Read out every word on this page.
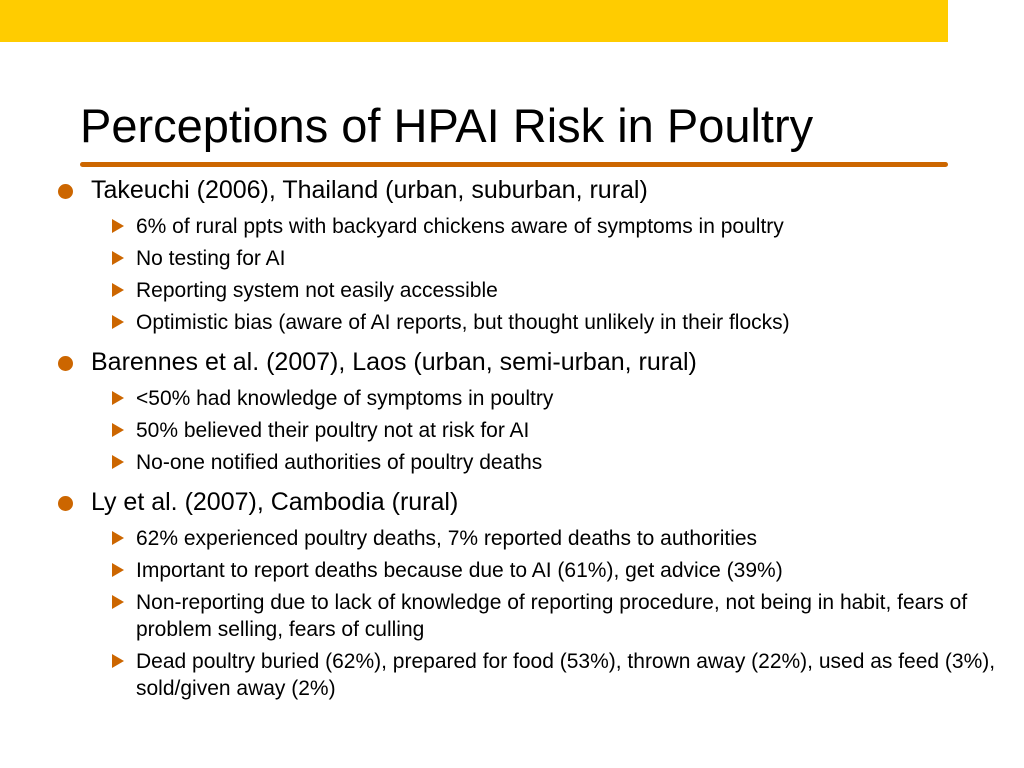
Perceptions of HPAI Risk in Poultry
Takeuchi (2006), Thailand (urban, suburban, rural)
6% of rural ppts with backyard chickens aware of symptoms in poultry
No testing for AI
Reporting system not easily accessible
Optimistic bias (aware of AI reports, but thought unlikely in their flocks)
Barennes et al. (2007), Laos (urban, semi-urban, rural)
<50% had knowledge of symptoms in poultry
50% believed their poultry not at risk for AI
No-one notified authorities of poultry deaths
Ly et al. (2007), Cambodia (rural)
62% experienced poultry deaths, 7% reported deaths to authorities
Important to report deaths because due to AI (61%), get advice (39%)
Non-reporting due to lack of knowledge of reporting procedure, not being in habit, fears of problem selling, fears of culling
Dead poultry buried (62%), prepared for food (53%), thrown away (22%), used as feed (3%), sold/given away (2%)
